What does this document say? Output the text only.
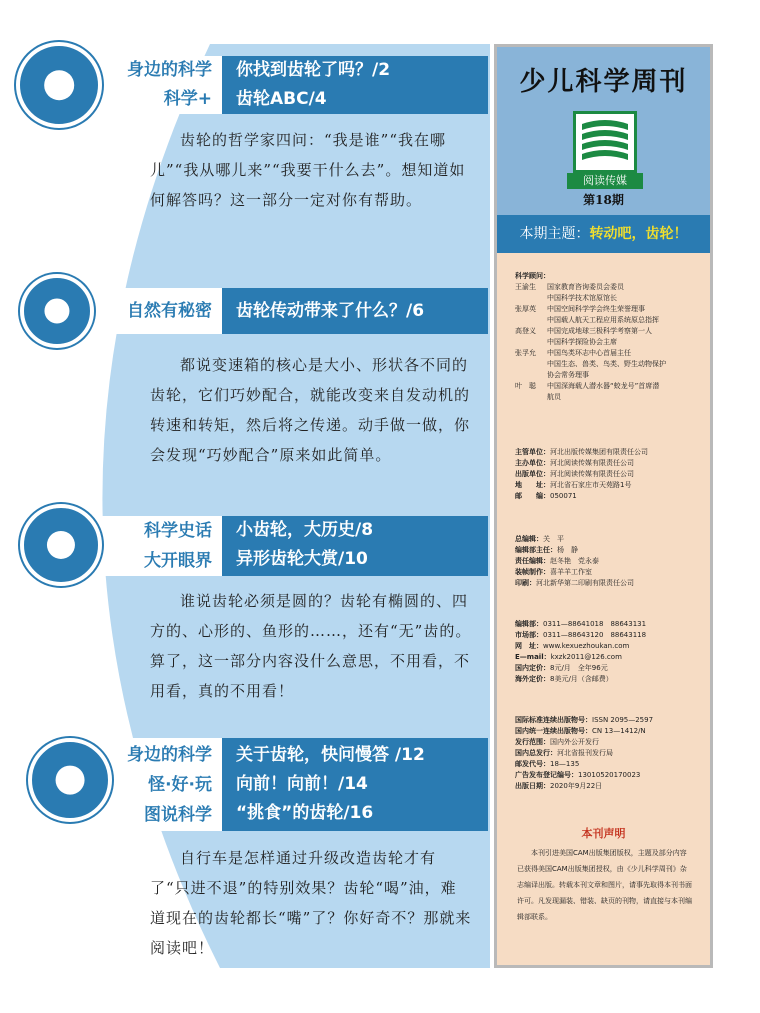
你找到齿轮了吗？/2
齿轮ABC/4
身边的科学
科学+
齿轮的哲学家四问：“我是谁”“我在哪儿”“我从哪儿来”“我要干什么去”。想知道如何解答吗？这一部分一定对你有帮助。
齿轮传动带来了什么？/6
自然有秘密
都说变速箱的核心是大小、形状各不同的齿轮，它们巧妙配合，就能改变来自发动机的转速和转矩，然后将之传递。动手做一做，你会发现“巧妙配合”原来如此简单。
小齿轮，大历史/8
异形齿轮大赏/10
科学史话
大开眼界
谁说齿轮必须是圆的？齿轮有椭圆的、四方的、心形的、鱼形的……，还有“无”齿的。算了，这一部分内容没什么意思，不用看，不用看，真的不用看！
关于齿轮，快问慢答 /12
向前！向前！/14
“挑食”的齿轮/16
身边的科学
怪·好·玩
图说科学
自行车是怎样通过升级改造齿轮才有了“只进不退”的特别效果？齿轮“喝”油，难道现在的齿轮都长“嘴”了？你好奇不？那就来阅读吧！
少儿科学周刊
阅读传媒
第18期
本期主题：转动吧，齿轮！
科学顾问：
王渝生 国家教育咨询委员会委员
中国科学技术馆原馆长
张厚英 中国空间科学学会终生荣誉理事
中国载人航天工程应用系统原总指挥
高登义 中国完成地球三极科学考察第一人
中国科学探险协会主席
张孚允 中国鸟类环志中心首届主任
中国生态、兽类、鸟类、野生动物保护
协会常务理事
叶　聪 中国深海载人潜水器“蛟龙号”首席潜
航员
主管单位：河北出版传媒集团有限责任公司
主办单位：河北阅读传媒有限责任公司
出版单位：河北阅读传媒有限责任公司
地　　址：河北省石家庄市天苑路1号
邮　　编：050071
总编辑：关　平
编辑部主任：杨　静
责任编辑：赵冬艳　党永泰
装帧制作：喜羊羊工作室
印刷：河北新华第二印刷有限责任公司
编辑部：0311—88641018　88643131
市场部：0311—88643120　88643118
网　址：www.kexuezhoukan.com
E—mail：kxzk2011@126.com
国内定价：8元/月　全年96元
海外定价：8美元/月（含邮费）
国际标准连续出版物号：ISSN 2095—2597
国内统一连续出版物号：CN 13—1412/N
发行范围：国内外公开发行
国内总发行：河北省报刊发行局
邮发代号：18—135
广告发布登记编号：13010520170023
出版日期：2020年9月22日
本刊声明
本刊引进美国CAM出版集团版权，主题及部分内容已获得美国CAM出版集团授权，由《少儿科学周刊》杂志编译出版。转载本刊文章和图片，请事先取得本刊书面许可。凡发现漏装、错装、缺页的刊物，请直接与本刊编辑部联系。
